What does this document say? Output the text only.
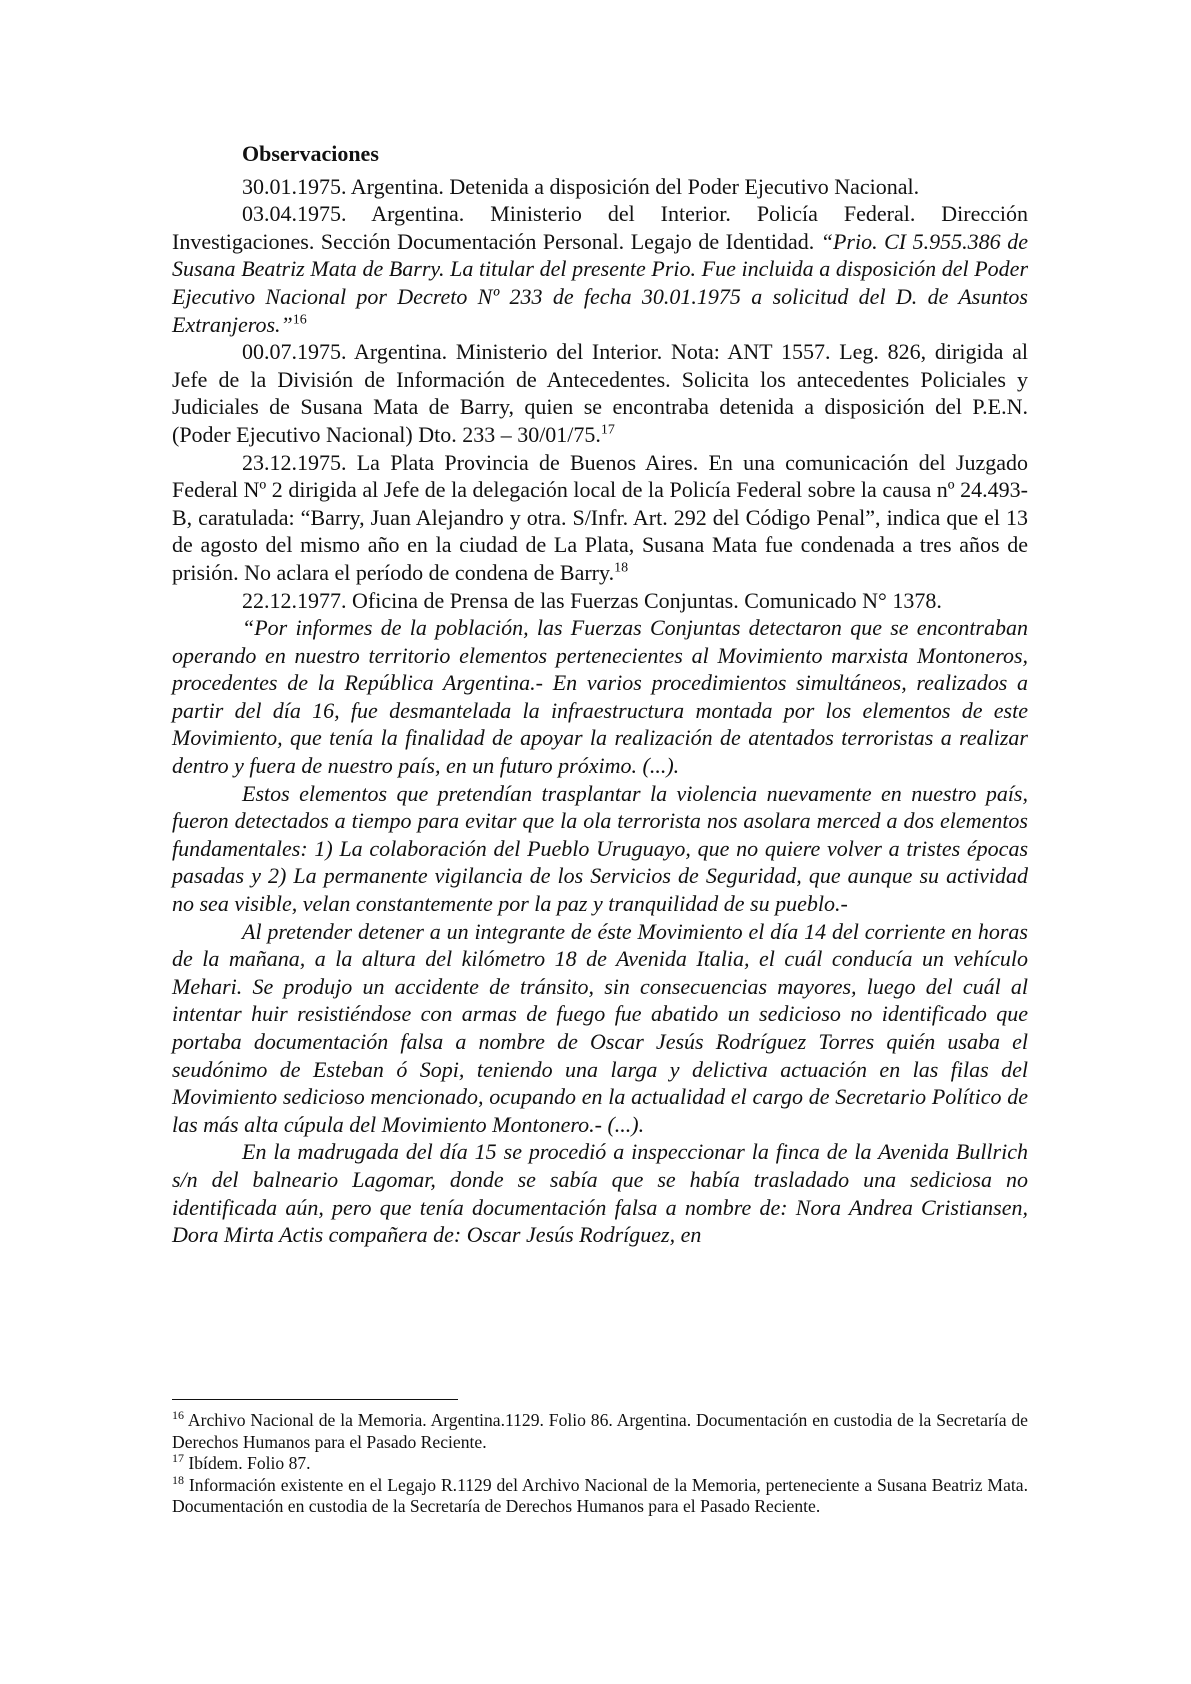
Observaciones

30.01.1975. Argentina. Detenida a disposición del Poder Ejecutivo Nacional.

03.04.1975. Argentina. Ministerio del Interior. Policía Federal. Dirección Investigaciones. Sección Documentación Personal. Legajo de Identidad. “Prio. CI 5.955.386 de Susana Beatriz Mata de Barry. La titular del presente Prio. Fue incluida a disposición del Poder Ejecutivo Nacional por Decreto Nº 233 de fecha 30.01.1975 a solicitud del D. de Asuntos Extranjeros.”$^{16}$

00.07.1975. Argentina. Ministerio del Interior. Nota: ANT 1557. Leg. 826, dirigida al Jefe de la División de Información de Antecedentes. Solicita los antecedentes Policiales y Judiciales de Susana Mata de Barry, quien se encontraba detenida a disposición del P.E.N. (Poder Ejecutivo Nacional) Dto. 233 – 30/01/75.17

23.12.1975. La Plata Provincia de Buenos Aires. En una comunicación del Juzgado Federal Nº 2 dirigida al Jefe de la delegación local de la Policía Federal sobre la causa nº 24.493-B, caratulada: “Barry, Juan Alejandro y otra. S/Infr. Art. 292 del Código Penal”, indica que el 13 de agosto del mismo año en la ciudad de La Plata, Susana Mata fue condenada a tres años de prisión. No aclara el período de condena de Barry.$^{18}$

22.12.1977. Oficina de Prensa de las Fuerzas Conjuntas. Comunicado N° 1378.

“Por informes de la población, las Fuerzas Conjuntas detectaron que se encontraban operando en nuestro territorio elementos pertenecientes al Movimiento marxista Montoneros, procedentes de la República Argentina.- En varios procedimientos simultáneos, realizados a partir del día 16, fue desmantelada la infraestructura montada por los elementos de este Movimiento, que tenía la finalidad de apoyar la realización de atentados terroristas a realizar dentro y fuera de nuestro país, en un futuro próximo. (...).

Estos elementos que pretendían trasplantar la violencia nuevamente en nuestro país, fueron detectados a tiempo para evitar que la ola terrorista nos asolara merced a dos elementos fundamentales: 1) La colaboración del Pueblo Uruguayo, que no quiere volver a tristes épocas pasadas y 2) La permanente vigilancia de los Servicios de Seguridad, que aunque su actividad no sea visible, velan constantemente por la paz y tranquilidad de su pueblo.-

Al pretender detener a un integrante de éste Movimiento el día 14 del corriente en horas de la mañana, a la altura del kilómetro 18 de Avenida Italia, el cuál conducía un vehículo Mehari. Se produjo un accidente de tránsito, sin consecuencias mayores, luego del cuál al intentar huir resistiéndose con armas de fuego fue abatido un sedicioso no identificado que portaba documentación falsa a nombre de Oscar Jesús Rodríguez Torres quién usaba el seudónimo de Esteban ó Sopi, teniendo una larga y delictiva actuación en las filas del Movimiento sedicioso mencionado, ocupando en la actualidad el cargo de Secretario Político de las más alta cúpula del Movimiento Montonero.- (...).

En la madrugada del día 15 se procedió a inspeccionar la finca de la Avenida Bullrich s/n del balneario Lagomar, donde se sabía que se había trasladado una sediciosa no identificada aún, pero que tenía documentación falsa a nombre de: Nora Andrea Cristiansen, Dora Mirta Actis compañera de: Oscar Jesús Rodríguez, en

$^{16}$ Archivo Nacional de la Memoria. Argentina.1129. Folio 86. Argentina. Documentación en custodia de la Secretaría de Derechos Humanos para el Pasado Reciente.

$^{17}$ Ibídem. Folio 87.

$^{18}$ Información existente en el Legajo R.1129 del Archivo Nacional de la Memoria, perteneciente a Susana Beatriz Mata. Documentación en custodia de la Secretaría de Derechos Humanos para el Pasado Reciente.
